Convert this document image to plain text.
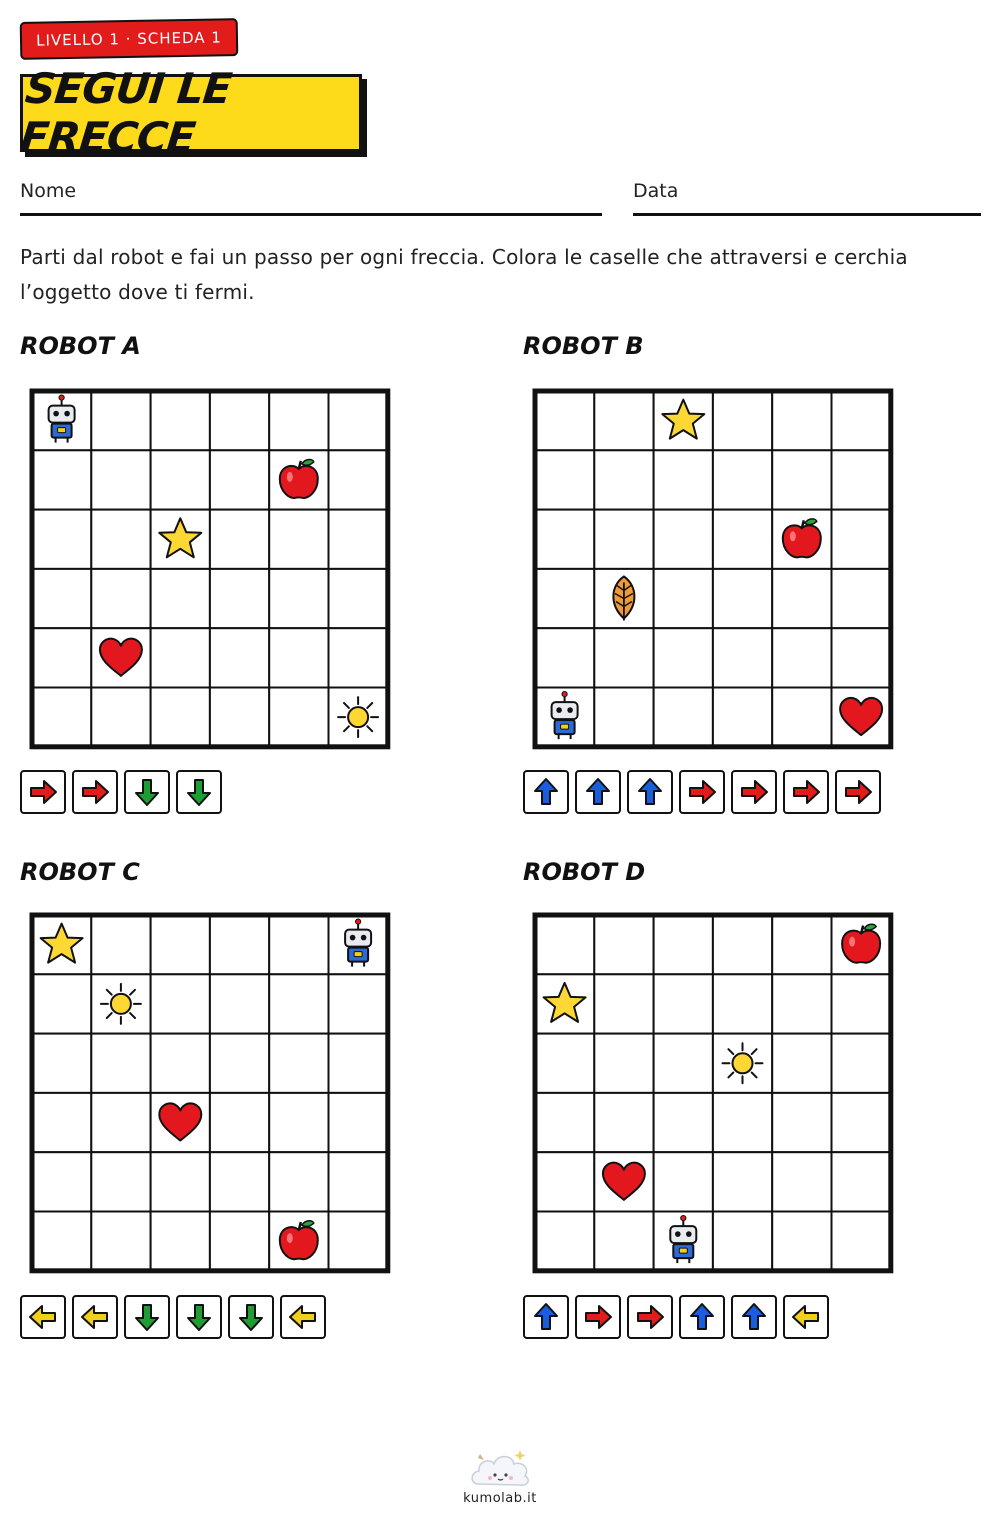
LIVELLO 1 · SCHEDA 1
SEGUI LE FRECCE
Nome	Data
Parti dal robot e fai un passo per ogni freccia. Colora le caselle che attraversi e cerchia l’oggetto dove ti fermi.
ROBOT A	ROBOT B
ROBOT C	ROBOT D
kumolab.it
